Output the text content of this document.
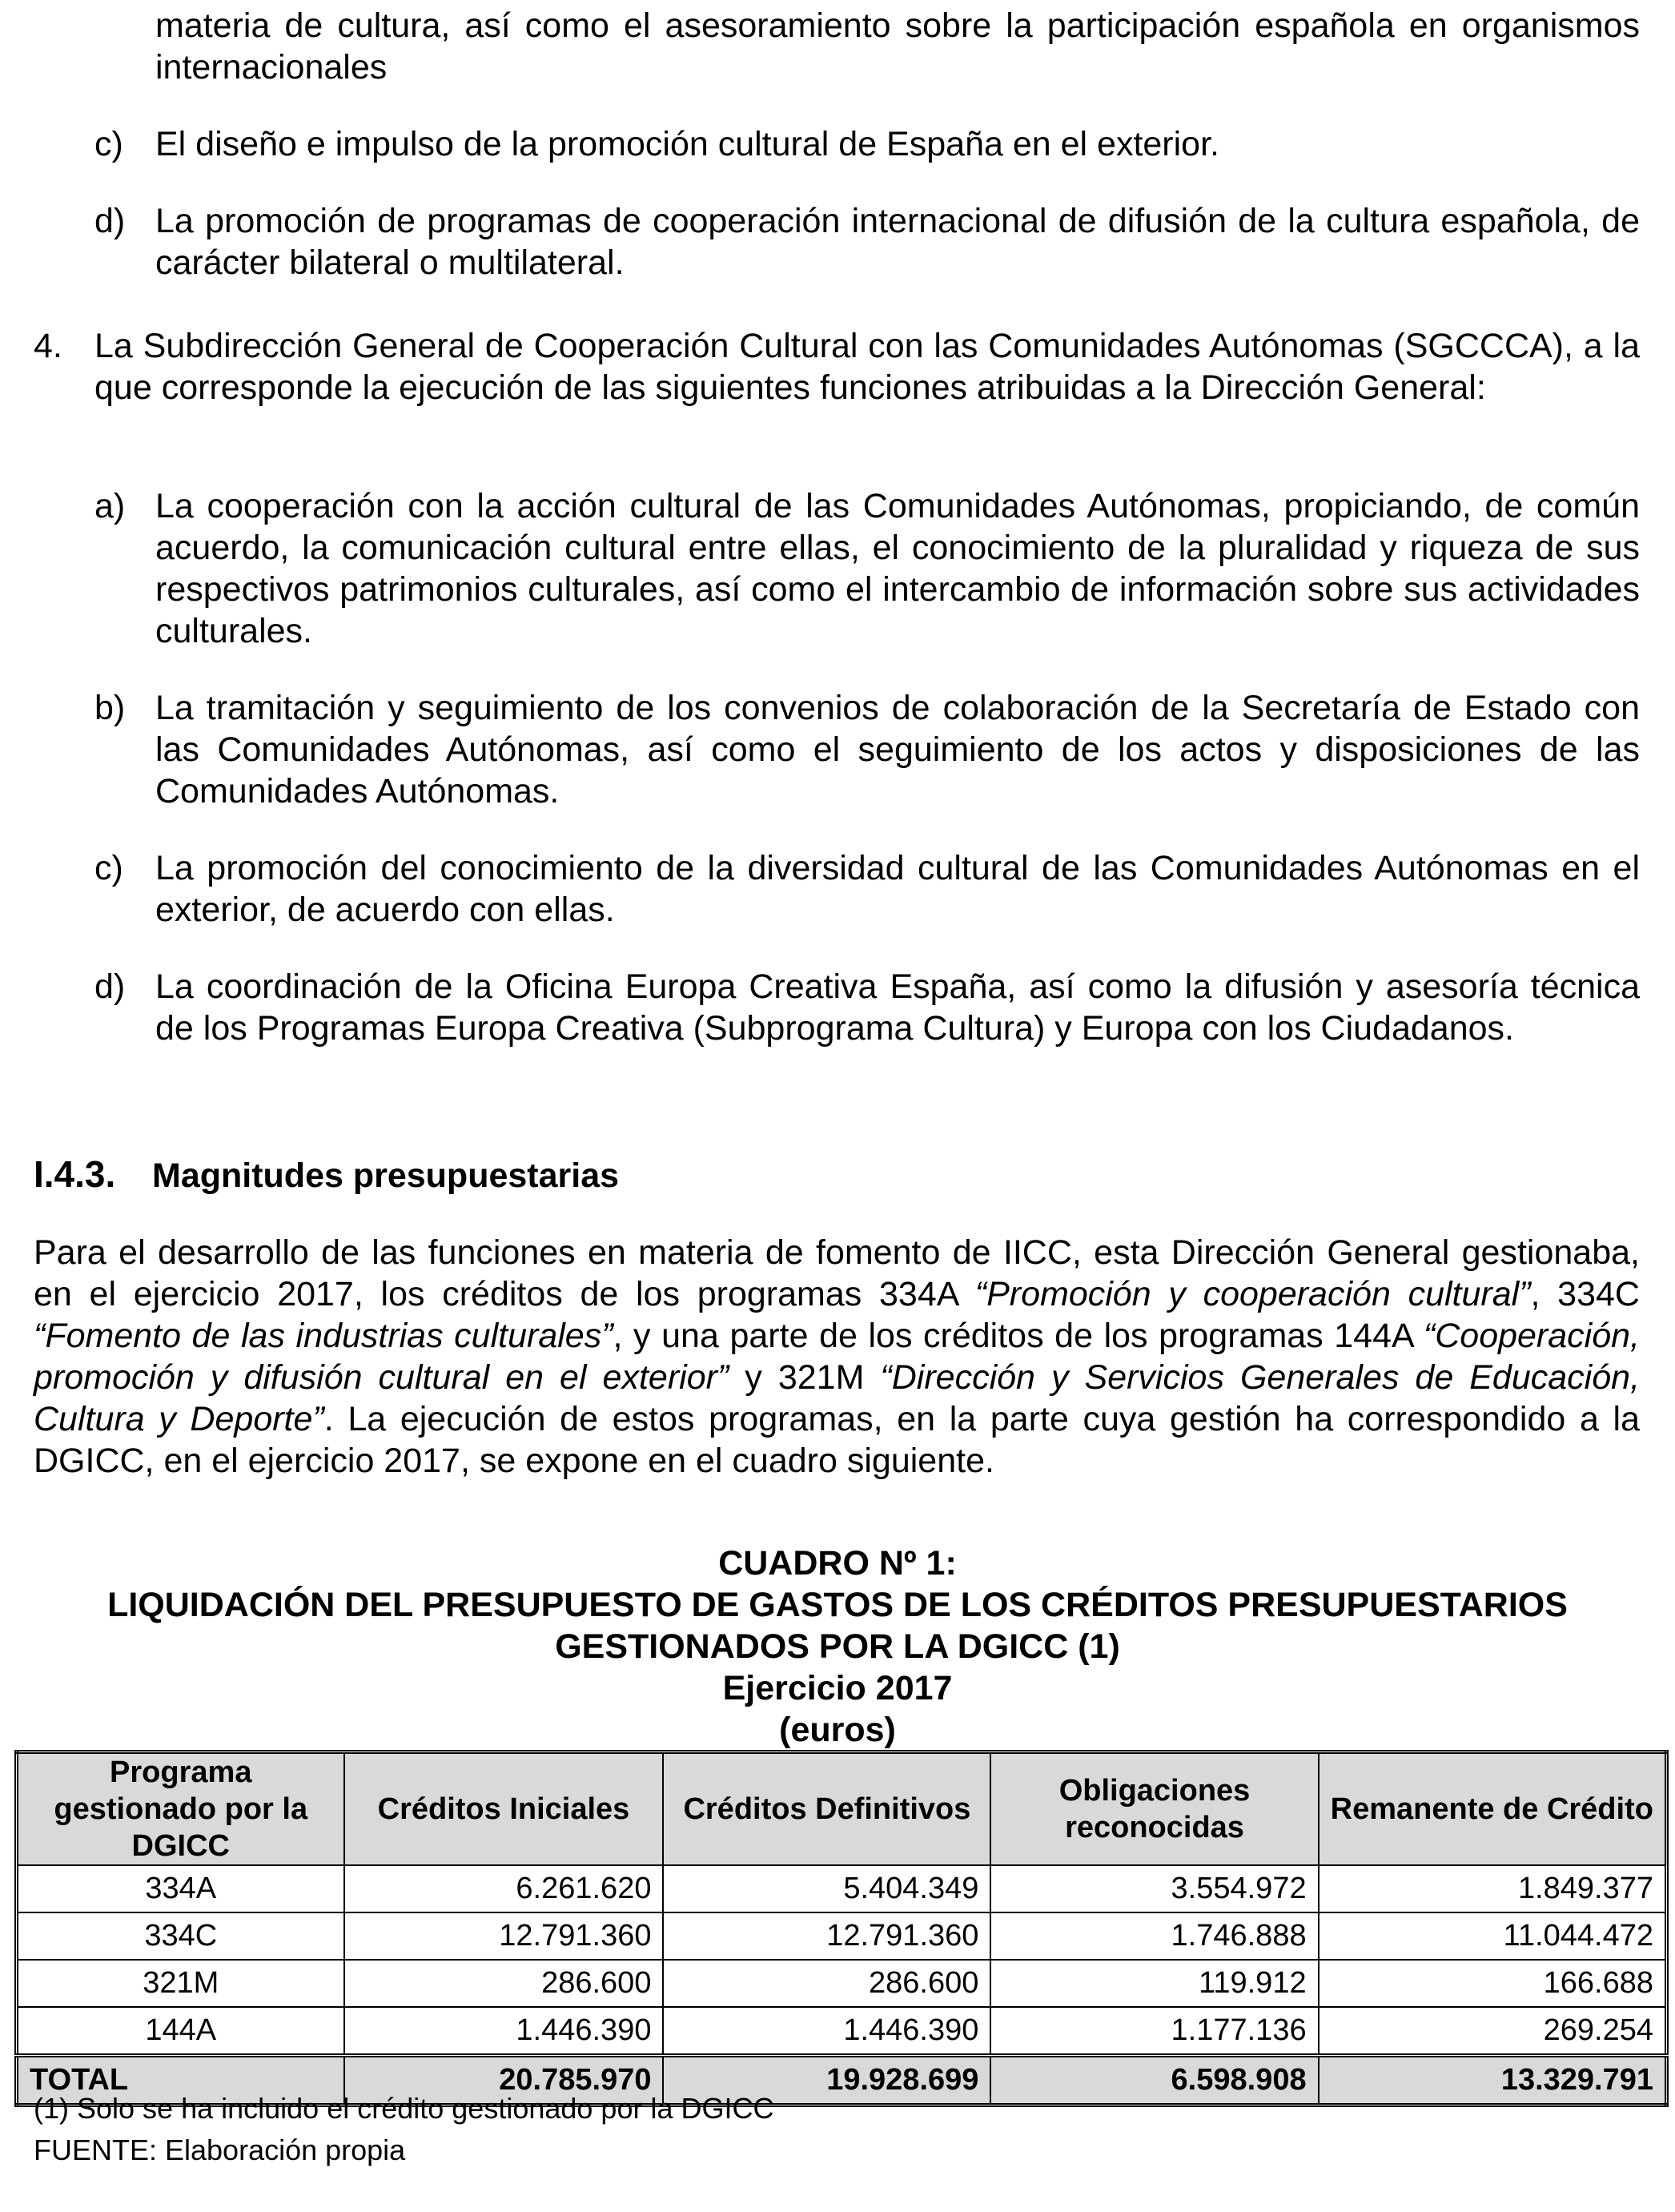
materia de cultura, así como el asesoramiento sobre la participación española en organismos internacionales

c) El diseño e impulso de la promoción cultural de España en el exterior.
d) La promoción de programas de cooperación internacional de difusión de la cultura española, de carácter bilateral o multilateral.
4. La Subdirección General de Cooperación Cultural con las Comunidades Autónomas (SGCCCA), a la que corresponde la ejecución de las siguientes funciones atribuidas a la Dirección General:
a) La cooperación con la acción cultural de las Comunidades Autónomas, propiciando, de común acuerdo, la comunicación cultural entre ellas, el conocimiento de la pluralidad y riqueza de sus respectivos patrimonios culturales, así como el intercambio de información sobre sus actividades culturales.
b) La tramitación y seguimiento de los convenios de colaboración de la Secretaría de Estado con las Comunidades Autónomas, así como el seguimiento de los actos y disposiciones de las Comunidades Autónomas.
c) La promoción del conocimiento de la diversidad cultural de las Comunidades Autónomas en el exterior, de acuerdo con ellas.
d) La coordinación de la Oficina Europa Creativa España, así como la difusión y asesoría técnica de los Programas Europa Creativa (Subprograma Cultura) y Europa con los Ciudadanos.
I.4.3. Magnitudes presupuestarias

Para el desarrollo de las funciones en materia de fomento de IICC, esta Dirección General gestionaba, en el ejercicio 2017, los créditos de los programas 334A “Promoción y cooperación cultural”, 334C “Fomento de las industrias culturales”, y una parte de los créditos de los programas 144A “Cooperación, promoción y difusión cultural en el exterior” y 321M “Dirección y Servicios Generales de Educación, Cultura y Deporte”. La ejecución de estos programas, en la parte cuya gestión ha correspondido a la DGICC, en el ejercicio 2017, se expone en el cuadro siguiente.

CUADRO Nº 1:
LIQUIDACIÓN DEL PRESUPUESTO DE GASTOS DE LOS CRÉDITOS PRESUPUESTARIOS
GESTIONADOS POR LA DGICC (1)
Ejercicio 2017
(euros)
Programa gestionado por la DGICC	Créditos Iniciales	Créditos Definitivos	Obligaciones reconocidas	Remanente de Crédito
334A	6.261.620	5.404.349	3.554.972	1.849.377
334C	12.791.360	12.791.360	1.746.888	11.044.472
321M	286.600	286.600	119.912	166.688
144A	1.446.390	1.446.390	1.177.136	269.254
TOTAL	20.785.970	19.928.699	6.598.908	13.329.791
(1) Solo se ha incluido el crédito gestionado por la DGICC
FUENTE: Elaboración propia
